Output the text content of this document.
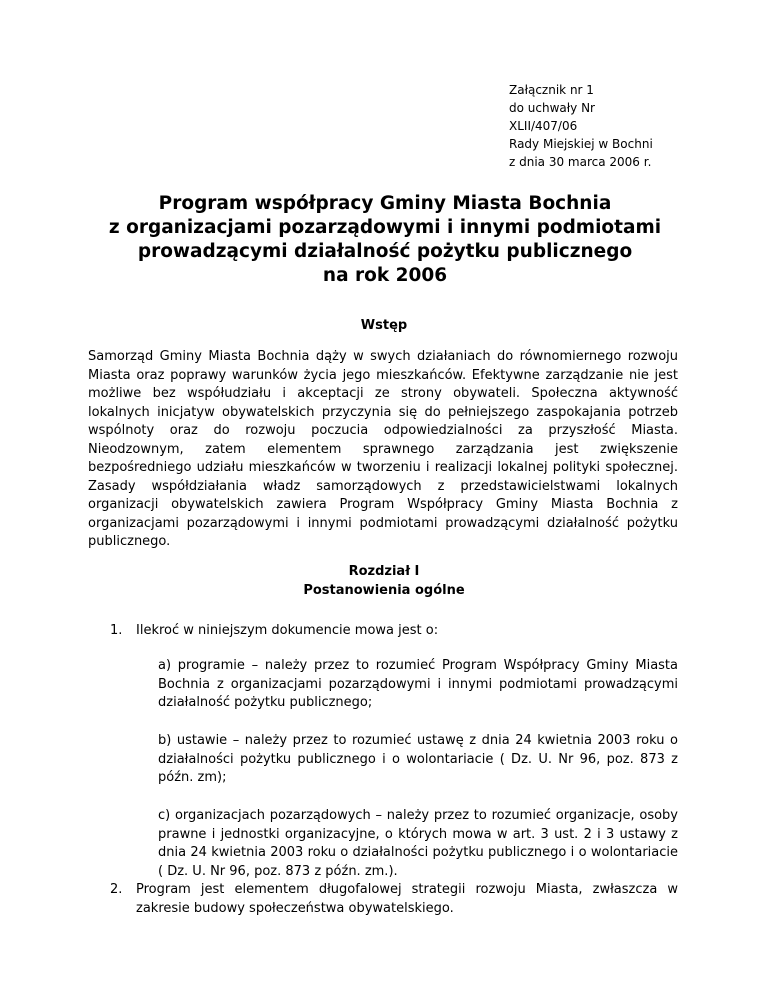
Załącznik nr 1
do uchwały Nr
XLII/407/06
Rady Miejskiej w Bochni
z dnia 30 marca 2006 r.
Program współpracy Gminy Miasta Bochnia
z organizacjami pozarządowymi i innymi podmiotami
prowadzącymi działalność pożytku publicznego
na rok 2006
Wstęp

Samorząd Gminy Miasta Bochnia dąży w swych działaniach do równomiernego rozwoju Miasta oraz poprawy warunków życia jego mieszkańców. Efektywne zarządzanie nie jest możliwe bez współudziału i akceptacji ze strony obywateli. Społeczna aktywność lokalnych inicjatyw obywatelskich przyczynia się do pełniejszego zaspokajania potrzeb wspólnoty oraz do rozwoju poczucia odpowiedzialności za przyszłość Miasta. Nieodzownym, zatem elementem sprawnego zarządzania jest zwiększenie bezpośredniego udziału mieszkańców w tworzeniu i realizacji lokalnej polityki społecznej. Zasady współdziałania władz samorządowych z przedstawicielstwami lokalnych organizacji obywatelskich zawiera Program Współpracy Gminy Miasta Bochnia z organizacjami pozarządowymi i innymi podmiotami prowadzącymi działalność pożytku publicznego.

Rozdział I
Postanowienia ogólne
1. Ilekroć w niniejszym dokumencie mowa jest o:
a) programie – należy przez to rozumieć Program Współpracy Gminy Miasta Bochnia z organizacjami pozarządowymi i innymi podmiotami prowadzącymi działalność pożytku publicznego;
b) ustawie – należy przez to rozumieć ustawę z dnia 24 kwietnia 2003 roku o działalności pożytku publicznego i o wolontariacie ( Dz. U. Nr 96, poz. 873 z późn. zm);
c) organizacjach pozarządowych – należy przez to rozumieć organizacje, osoby prawne i jednostki organizacyjne, o których mowa w art. 3 ust. 2 i 3 ustawy z dnia 24 kwietnia 2003 roku o działalności pożytku publicznego i o wolontariacie ( Dz. U. Nr 96, poz. 873 z późn. zm.).
2. Program jest elementem długofalowej strategii rozwoju Miasta, zwłaszcza w zakresie budowy społeczeństwa obywatelskiego.
